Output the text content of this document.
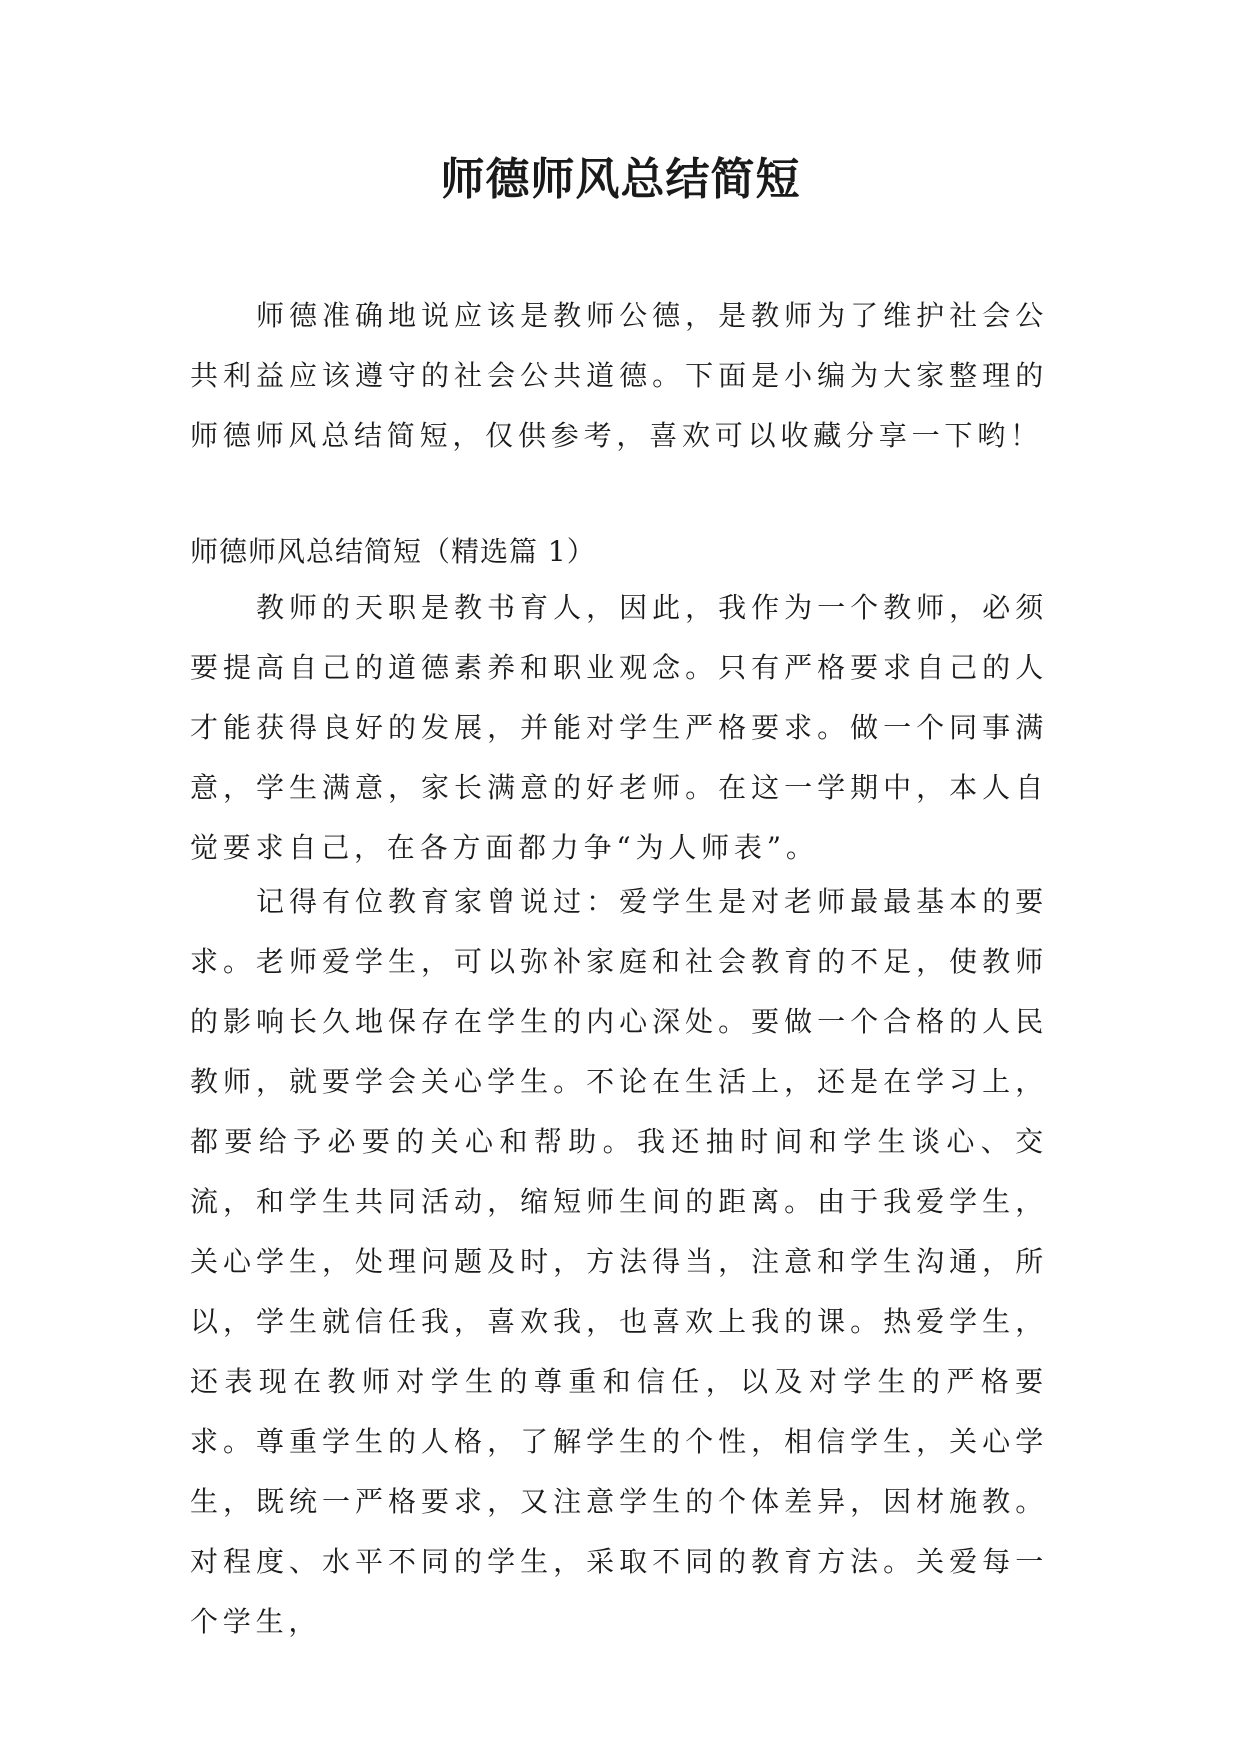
师德师风总结简短

师德准确地说应该是教师公德，是教师为了维护社会公共利益应该遵守的社会公共道德。下面是小编为大家整理的师德师风总结简短，仅供参考，喜欢可以收藏分享一下哟！

师德师风总结简短（精选篇 1）

教师的天职是教书育人，因此，我作为一个教师，必须要提高自己的道德素养和职业观念。只有严格要求自己的人才能获得良好的发展，并能对学生严格要求。做一个同事满意，学生满意，家长满意的好老师。在这一学期中，本人自觉要求自己，在各方面都力争“为人师表”。

记得有位教育家曾说过：爱学生是对老师最最基本的要求。老师爱学生，可以弥补家庭和社会教育的不足，使教师的影响长久地保存在学生的内心深处。要做一个合格的人民教师，就要学会关心学生。不论在生活上，还是在学习上，都要给予必要的关心和帮助。我还抽时间和学生谈心、交流，和学生共同活动，缩短师生间的距离。由于我爱学生，关心学生，处理问题及时，方法得当，注意和学生沟通，所以，学生就信任我，喜欢我，也喜欢上我的课。热爱学生，还表现在教师对学生的尊重和信任，以及对学生的严格要求。尊重学生的人格，了解学生的个性，相信学生，关心学生，既统一严格要求，又注意学生的个体差异，因材施教。对程度、水平不同的学生，采取不同的教育方法。关爱每一个学生，
